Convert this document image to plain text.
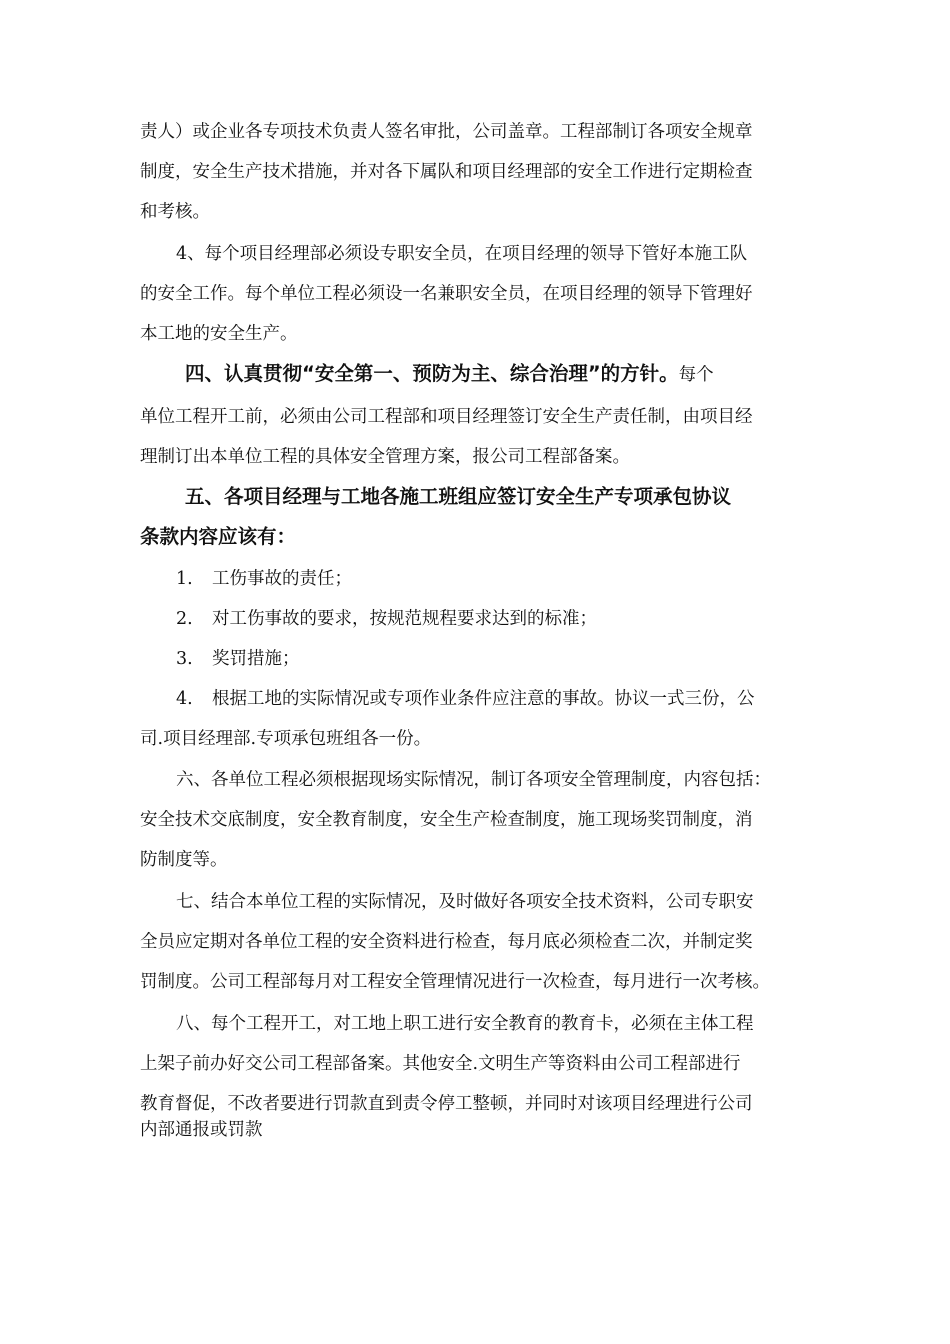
责人）或企业各专项技术负责人签名审批，公司盖章。工程部制订各项安全规章
制度，安全生产技术措施，并对各下属队和项目经理部的安全工作进行定期检查
和考核。
4、每个项目经理部必须设专职安全员，在项目经理的领导下管好本施工队
的安全工作。每个单位工程必须设一名兼职安全员，在项目经理的领导下管理好
本工地的安全生产。
四、认真贯彻“安全第一、预防为主、综合治理”的方针。每个
单位工程开工前，必须由公司工程部和项目经理签订安全生产责任制，由项目经
理制订出本单位工程的具体安全管理方案，报公司工程部备案。
五、各项目经理与工地各施工班组应签订安全生产专项承包协议
条款内容应该有：
1. 工伤事故的责任；
2. 对工伤事故的要求，按规范规程要求达到的标准；
3. 奖罚措施；
4. 根据工地的实际情况或专项作业条件应注意的事故。协议一式三份，公
司.项目经理部.专项承包班组各一份。
六、各单位工程必须根据现场实际情况，制订各项安全管理制度，内容包括：
安全技术交底制度，安全教育制度，安全生产检查制度，施工现场奖罚制度，消
防制度等。
七、结合本单位工程的实际情况，及时做好各项安全技术资料，公司专职安
全员应定期对各单位工程的安全资料进行检查，每月底必须检查二次，并制定奖
罚制度。公司工程部每月对工程安全管理情况进行一次检查，每月进行一次考核。
八、每个工程开工，对工地上职工进行安全教育的教育卡，必须在主体工程
上架子前办好交公司工程部备案。其他安全.文明生产等资料由公司工程部进行
教育督促，不改者要进行罚款直到责令停工整顿，并同时对该项目经理进行公司
内部通报或罚款
